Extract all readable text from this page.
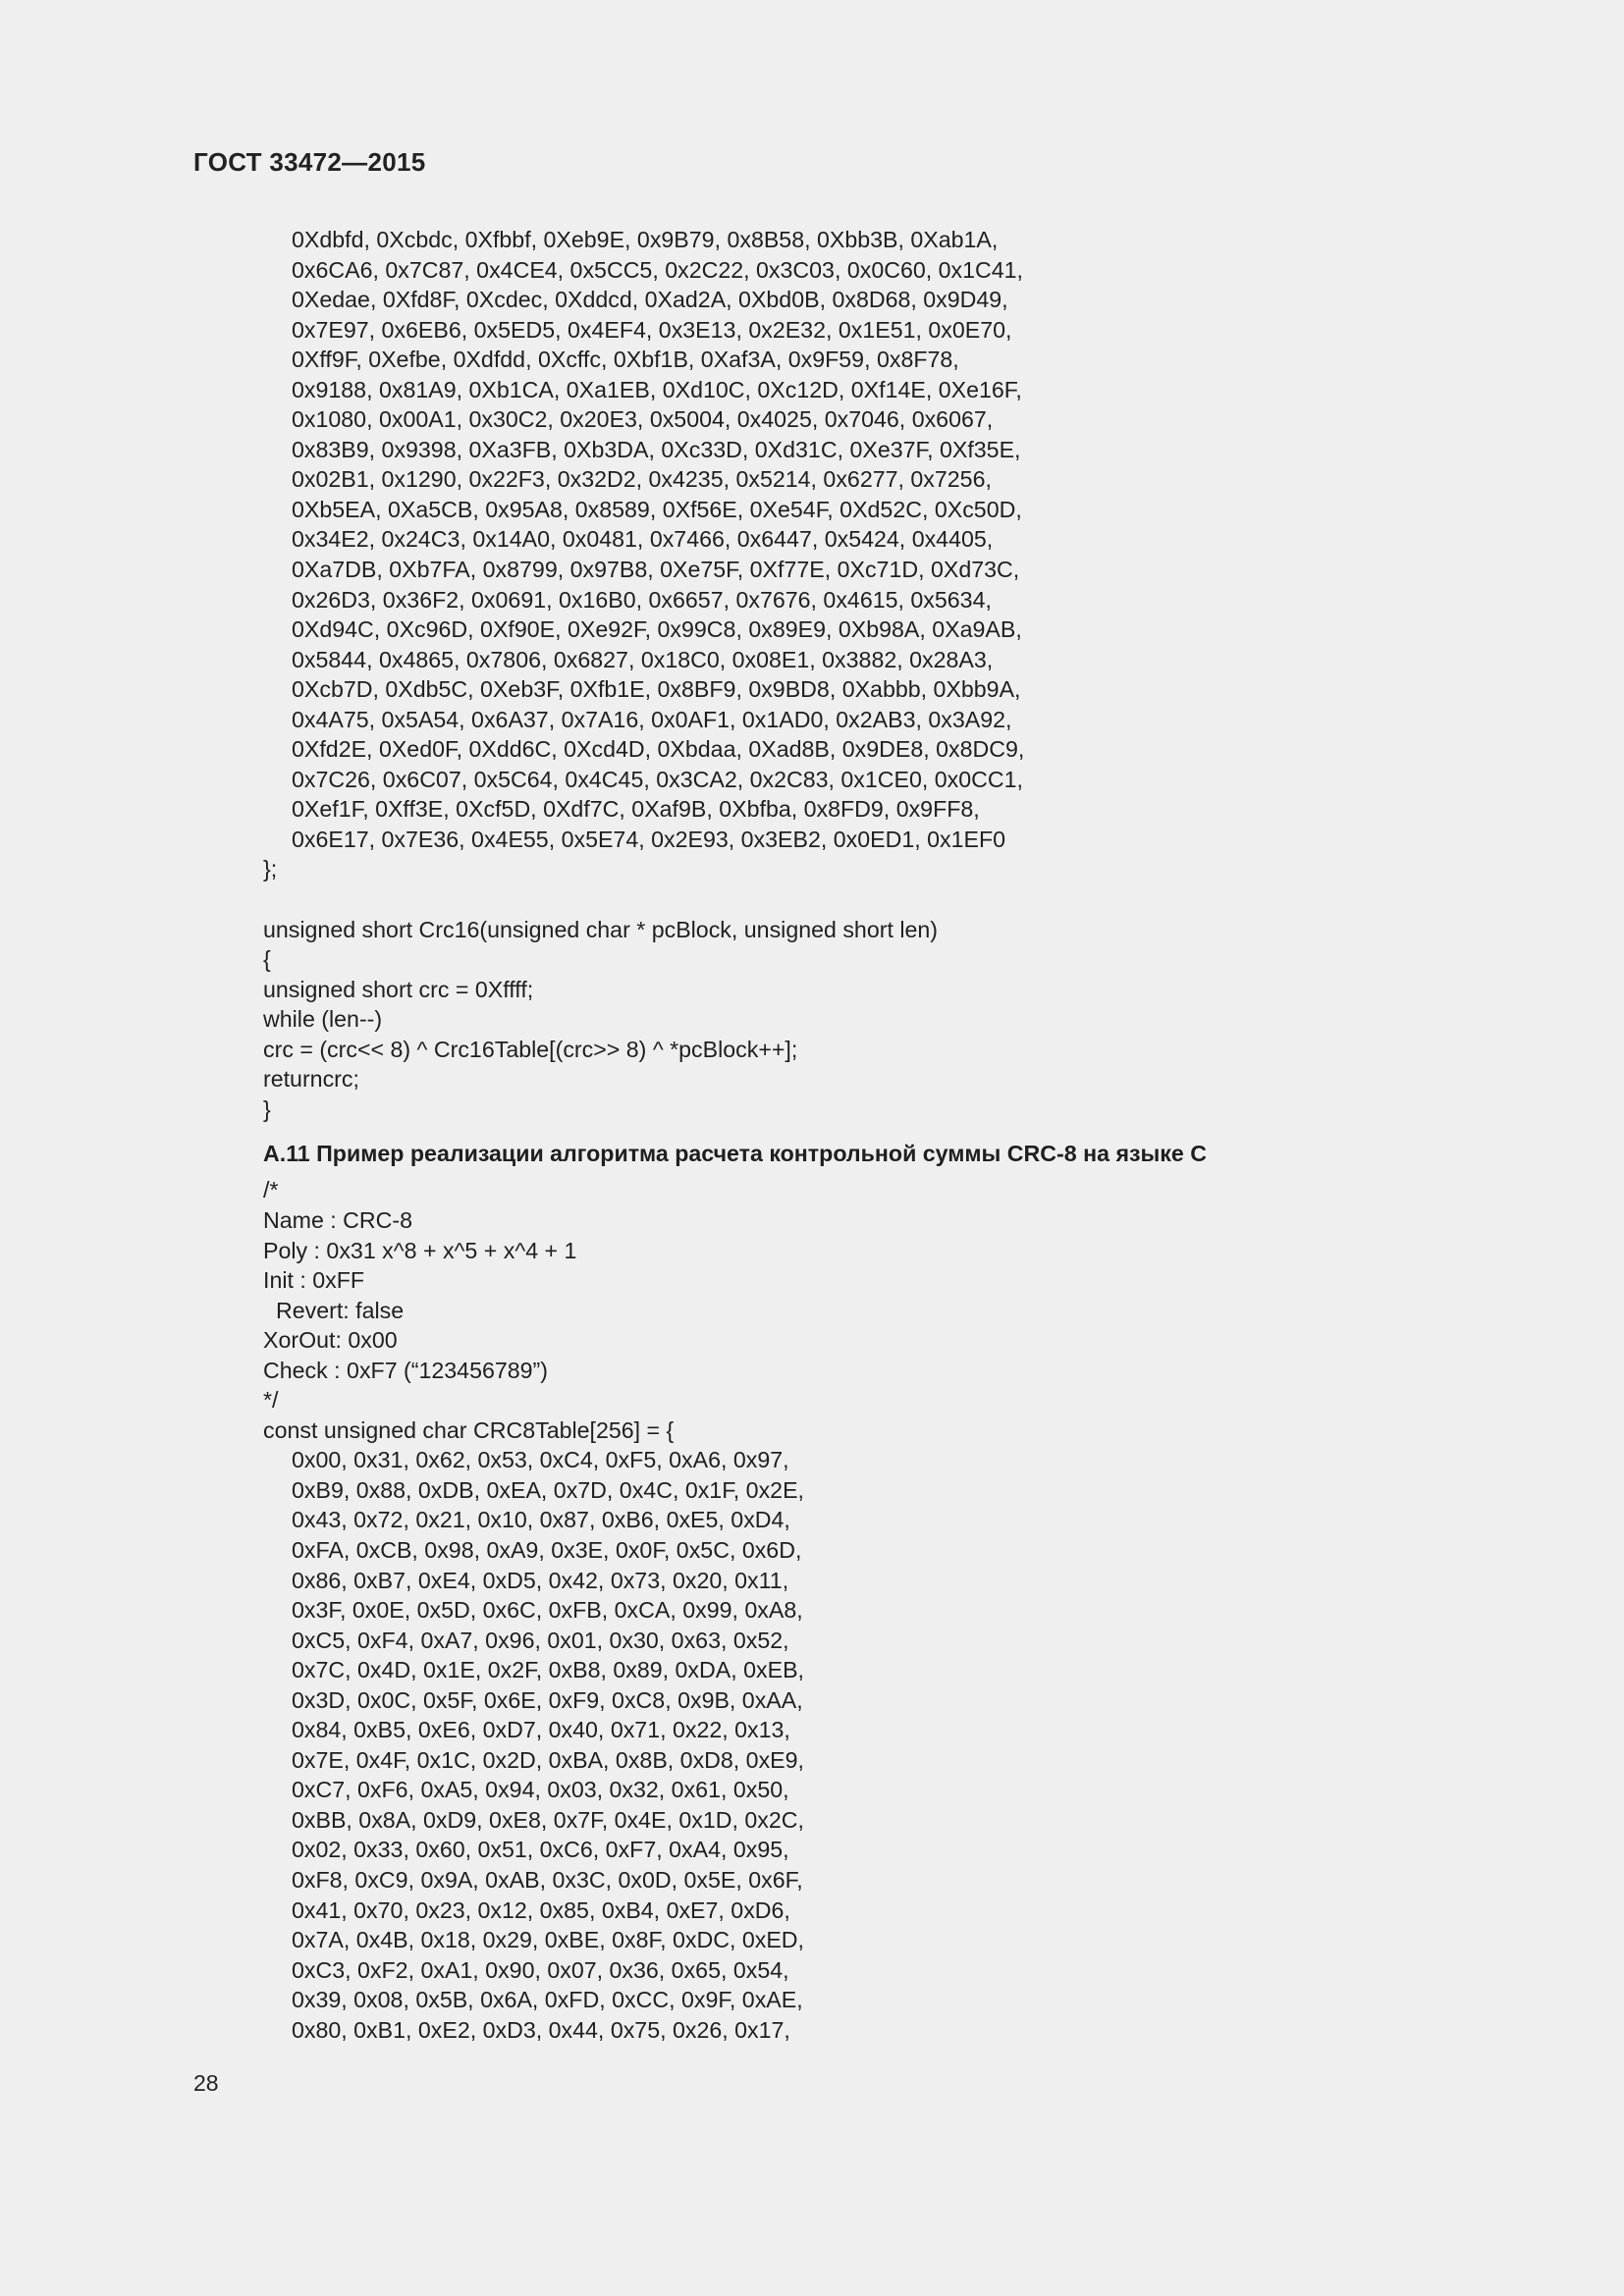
ГОСТ 33472—2015
0Xdbfd, 0Xcbdc, 0Xfbbf, 0Xeb9E, 0x9B79, 0x8B58, 0Xbb3B, 0Xab1A,
0x6CA6, 0x7C87, 0x4CE4, 0x5CC5, 0x2C22, 0x3C03, 0x0C60, 0x1C41,
0Xedae, 0Xfd8F, 0Xcdec, 0Xddcd, 0Xad2A, 0Xbd0B, 0x8D68, 0x9D49,
0x7E97, 0x6EB6, 0x5ED5, 0x4EF4, 0x3E13, 0x2E32, 0x1E51, 0x0E70,
0Xff9F, 0Xefbe, 0Xdfdd, 0Xcffc, 0Xbf1B, 0Xaf3A, 0x9F59, 0x8F78,
0x9188, 0x81A9, 0Xb1CA, 0Xa1EB, 0Xd10C, 0Xc12D, 0Xf14E, 0Xe16F,
0x1080, 0x00A1, 0x30C2, 0x20E3, 0x5004, 0x4025, 0x7046, 0x6067,
0x83B9, 0x9398, 0Xa3FB, 0Xb3DA, 0Xc33D, 0Xd31C, 0Xe37F, 0Xf35E,
0x02B1, 0x1290, 0x22F3, 0x32D2, 0x4235, 0x5214, 0x6277, 0x7256,
0Xb5EA, 0Xa5CB, 0x95A8, 0x8589, 0Xf56E, 0Xe54F, 0Xd52C, 0Xc50D,
0x34E2, 0x24C3, 0x14A0, 0x0481, 0x7466, 0x6447, 0x5424, 0x4405,
0Xa7DB, 0Xb7FA, 0x8799, 0x97B8, 0Xe75F, 0Xf77E, 0Xc71D, 0Xd73C,
0x26D3, 0x36F2, 0x0691, 0x16B0, 0x6657, 0x7676, 0x4615, 0x5634,
0Xd94C, 0Xc96D, 0Xf90E, 0Xe92F, 0x99C8, 0x89E9, 0Xb98A, 0Xa9AB,
0x5844, 0x4865, 0x7806, 0x6827, 0x18C0, 0x08E1, 0x3882, 0x28A3,
0Xcb7D, 0Xdb5C, 0Xeb3F, 0Xfb1E, 0x8BF9, 0x9BD8, 0Xabbb, 0Xbb9A,
0x4A75, 0x5A54, 0x6A37, 0x7A16, 0x0AF1, 0x1AD0, 0x2AB3, 0x3A92,
0Xfd2E, 0Xed0F, 0Xdd6C, 0Xcd4D, 0Xbdaa, 0Xad8B, 0x9DE8, 0x8DC9,
0x7C26, 0x6C07, 0x5C64, 0x4C45, 0x3CA2, 0x2C83, 0x1CE0, 0x0CC1,
0Xef1F, 0Xff3E, 0Xcf5D, 0Xdf7C, 0Xaf9B, 0Xbfba, 0x8FD9, 0x9FF8,
0x6E17, 0x7E36, 0x4E55, 0x5E74, 0x2E93, 0x3EB2, 0x0ED1, 0x1EF0
};
unsigned short Crc16(unsigned char * pcBlock, unsigned short len)
{
unsigned short crc = 0Xffff;
while (len--)
crc = (crc<< 8) ^ Crc16Table[(crc>> 8) ^ *pcBlock++];
returncrc;
}
А.11 Пример реализации алгоритма расчета контрольной суммы CRC-8 на языке С
/*
Name : CRC-8
Poly : 0x31 x^8 + x^5 + x^4 + 1
Init : 0xFF
Revert: false
XorOut: 0x00
Check : 0xF7 (“123456789”)
*/
const unsigned char CRC8Table[256] = {
0x00, 0x31, 0x62, 0x53, 0xC4, 0xF5, 0xA6, 0x97,
0xB9, 0x88, 0xDB, 0xEA, 0x7D, 0x4C, 0x1F, 0x2E,
0x43, 0x72, 0x21, 0x10, 0x87, 0xB6, 0xE5, 0xD4,
0xFA, 0xCB, 0x98, 0xA9, 0x3E, 0x0F, 0x5C, 0x6D,
0x86, 0xB7, 0xE4, 0xD5, 0x42, 0x73, 0x20, 0x11,
0x3F, 0x0E, 0x5D, 0x6C, 0xFB, 0xCA, 0x99, 0xA8,
0xC5, 0xF4, 0xA7, 0x96, 0x01, 0x30, 0x63, 0x52,
0x7C, 0x4D, 0x1E, 0x2F, 0xB8, 0x89, 0xDA, 0xEB,
0x3D, 0x0C, 0x5F, 0x6E, 0xF9, 0xC8, 0x9B, 0xAA,
0x84, 0xB5, 0xE6, 0xD7, 0x40, 0x71, 0x22, 0x13,
0x7E, 0x4F, 0x1C, 0x2D, 0xBA, 0x8B, 0xD8, 0xE9,
0xC7, 0xF6, 0xA5, 0x94, 0x03, 0x32, 0x61, 0x50,
0xBB, 0x8A, 0xD9, 0xE8, 0x7F, 0x4E, 0x1D, 0x2C,
0x02, 0x33, 0x60, 0x51, 0xC6, 0xF7, 0xA4, 0x95,
0xF8, 0xC9, 0x9A, 0xAB, 0x3C, 0x0D, 0x5E, 0x6F,
0x41, 0x70, 0x23, 0x12, 0x85, 0xB4, 0xE7, 0xD6,
0x7A, 0x4B, 0x18, 0x29, 0xBE, 0x8F, 0xDC, 0xED,
0xC3, 0xF2, 0xA1, 0x90, 0x07, 0x36, 0x65, 0x54,
0x39, 0x08, 0x5B, 0x6A, 0xFD, 0xCC, 0x9F, 0xAE,
0x80, 0xB1, 0xE2, 0xD3, 0x44, 0x75, 0x26, 0x17,
28
